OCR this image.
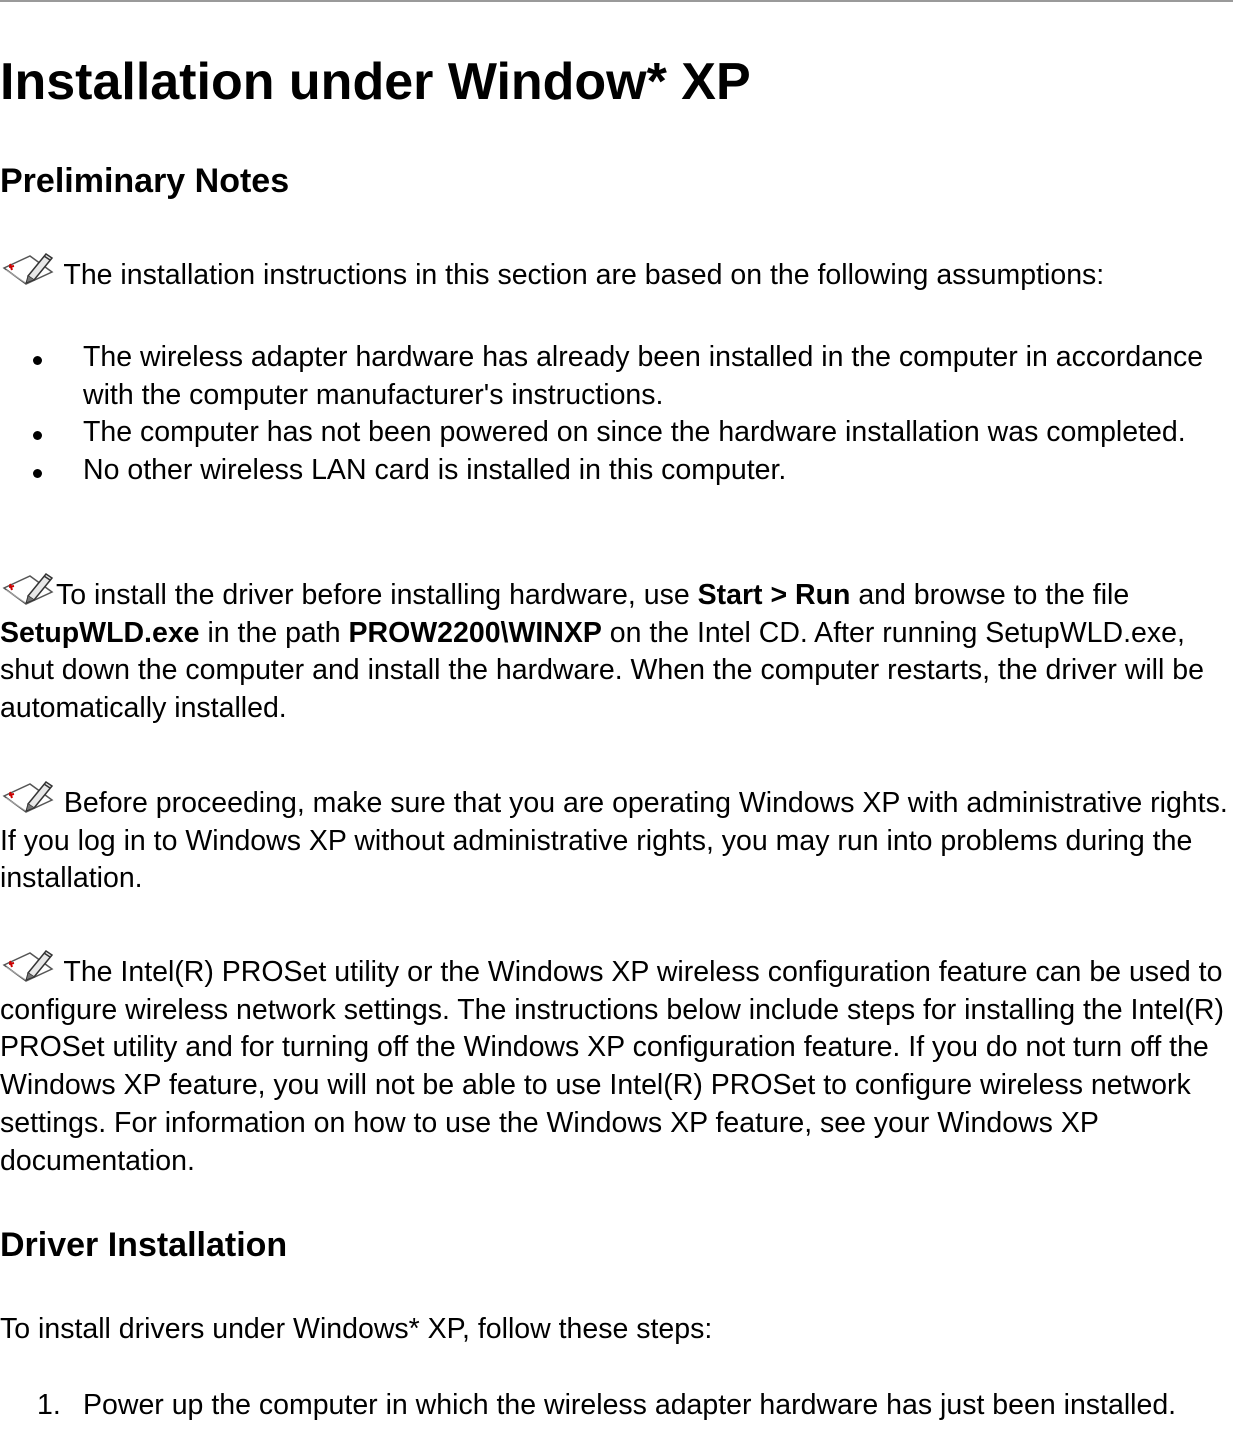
Installation under Window* XP
Preliminary Notes

The installation instructions in this section are based on the following assumptions:

The wireless adapter hardware has already been installed in the computer in accordance with the computer manufacturer's instructions.
The computer has not been powered on since the hardware installation was completed.
No other wireless LAN card is installed in this computer.

To install the driver before installing hardware, use Start > Run and browse to the file SetupWLD.exe in the path PROW2200\WINXP on the Intel CD. After running SetupWLD.exe, shut down the computer and install the hardware. When the computer restarts, the driver will be automatically installed.

Before proceeding, make sure that you are operating Windows XP with administrative rights. If you log in to Windows XP without administrative rights, you may run into problems during the installation.

The Intel(R) PROSet utility or the Windows XP wireless configuration feature can be used to configure wireless network settings. The instructions below include steps for installing the Intel(R) PROSet utility and for turning off the Windows XP configuration feature. If you do not turn off the Windows XP feature, you will not be able to use Intel(R) PROSet to configure wireless network settings. For information on how to use the Windows XP feature, see your Windows XP documentation.

Driver Installation

To install drivers under Windows* XP, follow these steps:

1. Power up the computer in which the wireless adapter hardware has just been installed.
